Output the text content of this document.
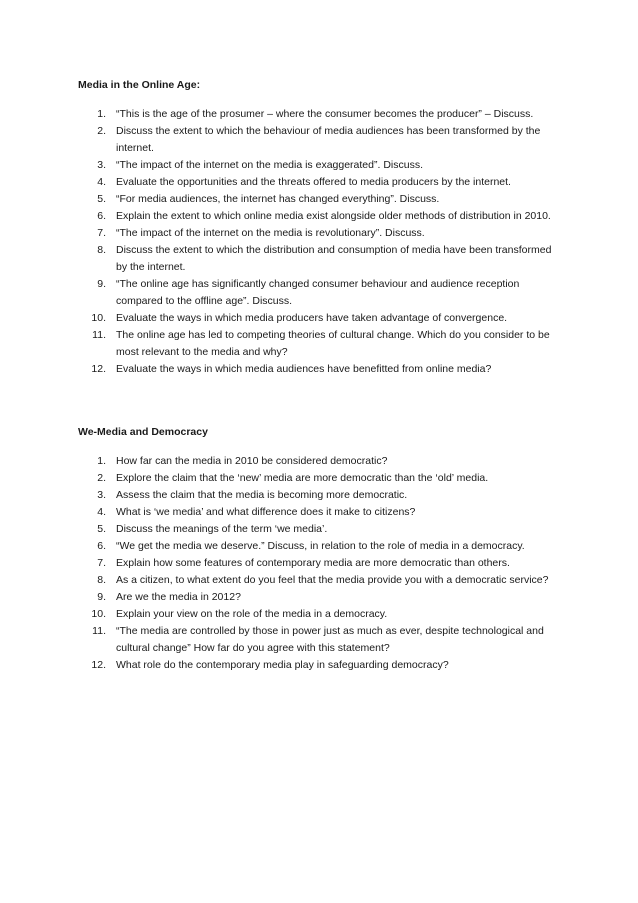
Media in the Online Age:

1. “This is the age of the prosumer – where the consumer becomes the producer” – Discuss.
2. Discuss the extent to which the behaviour of media audiences has been transformed by the internet.
3. “The impact of the internet on the media is exaggerated”. Discuss.
4. Evaluate the opportunities and the threats offered to media producers by the internet.
5. “For media audiences, the internet has changed everything”. Discuss.
6. Explain the extent to which online media exist alongside older methods of distribution in 2010.
7. “The impact of the internet on the media is revolutionary”. Discuss.
8. Discuss the extent to which the distribution and consumption of media have been transformed by the internet.
9. “The online age has significantly changed consumer behaviour and audience reception compared to the offline age”. Discuss.
10. Evaluate the ways in which media producers have taken advantage of convergence.
11. The online age has led to competing theories of cultural change. Which do you consider to be most relevant to the media and why?
12. Evaluate the ways in which media audiences have benefitted from online media?

We-Media and Democracy

1. How far can the media in 2010 be considered democratic?
2. Explore the claim that the ‘new’ media are more democratic than the ‘old’ media.
3. Assess the claim that the media is becoming more democratic.
4. What is ‘we media’ and what difference does it make to citizens?
5. Discuss the meanings of the term ‘we media’.
6. “We get the media we deserve.” Discuss, in relation to the role of media in a democracy.
7. Explain how some features of contemporary media are more democratic than others.
8. As a citizen, to what extent do you feel that the media provide you with a democratic service?
9. Are we the media in 2012?
10. Explain your view on the role of the media in a democracy.
11. “The media are controlled by those in power just as much as ever, despite technological and cultural change” How far do you agree with this statement?
12. What role do the contemporary media play in safeguarding democracy?
